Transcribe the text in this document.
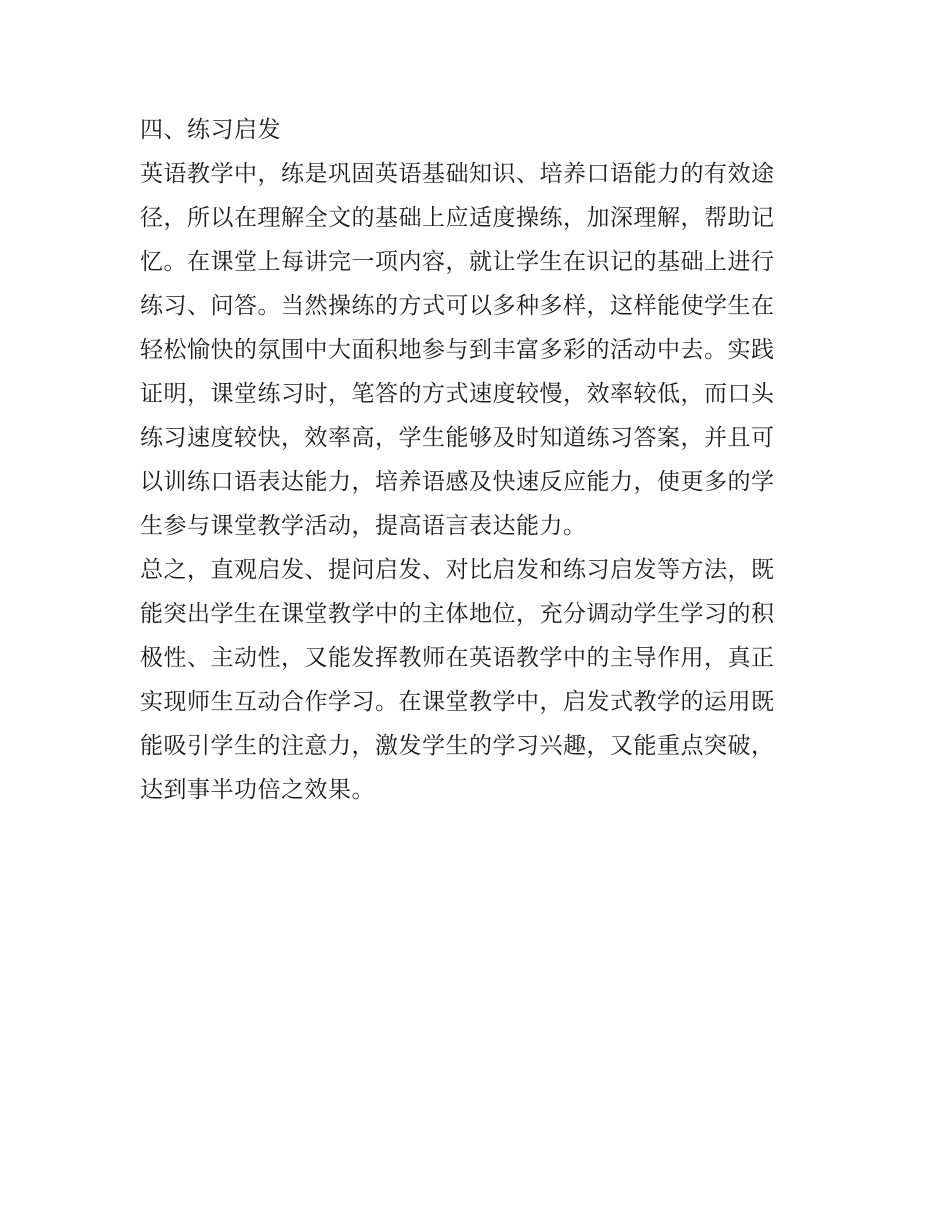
四、练习启发
英语教学中，练是巩固英语基础知识、培养口语能力的有效途
径，所以在理解全文的基础上应适度操练，加深理解，帮助记
忆。在课堂上每讲完一项内容，就让学生在识记的基础上进行
练习、问答。当然操练的方式可以多种多样，这样能使学生在
轻松愉快的氛围中大面积地参与到丰富多彩的活动中去。实践
证明，课堂练习时，笔答的方式速度较慢，效率较低，而口头
练习速度较快，效率高，学生能够及时知道练习答案，并且可
以训练口语表达能力，培养语感及快速反应能力，使更多的学
生参与课堂教学活动，提高语言表达能力。
总之，直观启发、提问启发、对比启发和练习启发等方法，既
能突出学生在课堂教学中的主体地位，充分调动学生学习的积
极性、主动性，又能发挥教师在英语教学中的主导作用，真正
实现师生互动合作学习。在课堂教学中，启发式教学的运用既
能吸引学生的注意力，激发学生的学习兴趣，又能重点突破，
达到事半功倍之效果。
